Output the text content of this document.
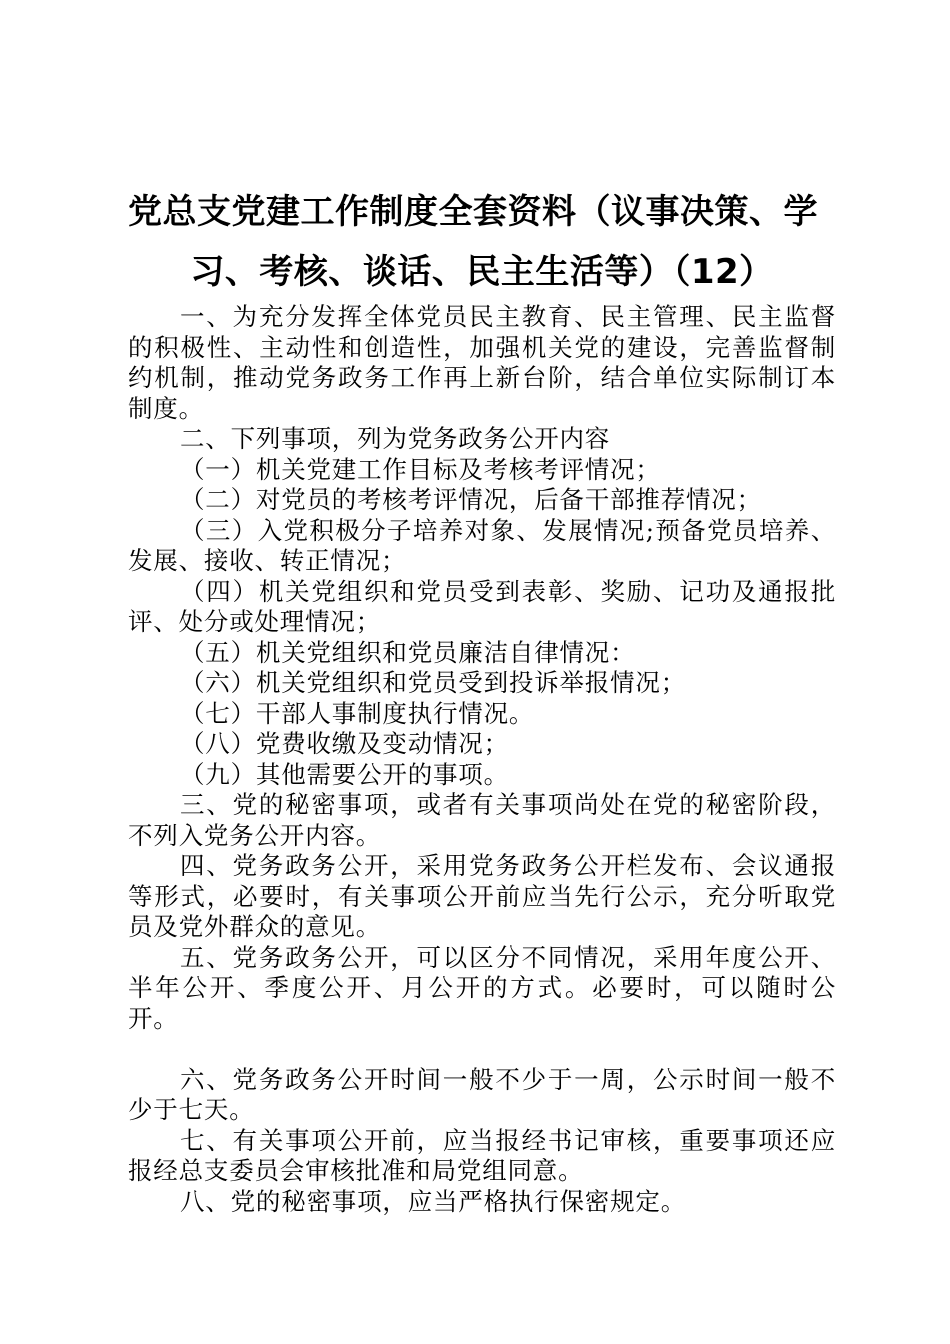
党总支党建工作制度全套资料（议事决策、学
习、考核、谈话、民主生活等）（12）

一、为充分发挥全体党员民主教育、民主管理、民主监督的积极性、主动性和创造性，加强机关党的建设，完善监督制约机制，推动党务政务工作再上新台阶，结合单位实际制订本制度。

二、下列事项，列为党务政务公开内容

（一）机关党建工作目标及考核考评情况；

（二）对党员的考核考评情况，后备干部推荐情况；

（三）入党积极分子培养对象、发展情况;预备党员培养、发展、接收、转正情况；

（四）机关党组织和党员受到表彰、奖励、记功及通报批评、处分或处理情况；

（五）机关党组织和党员廉洁自律情况：

（六）机关党组织和党员受到投诉举报情况；

（七）干部人事制度执行情况。

（八）党费收缴及变动情况；

（九）其他需要公开的事项。

三、党的秘密事项，或者有关事项尚处在党的秘密阶段，不列入党务公开内容。

四、党务政务公开，采用党务政务公开栏发布、会议通报等形式，必要时，有关事项公开前应当先行公示，充分听取党员及党外群众的意见。

五、党务政务公开，可以区分不同情况，采用年度公开、半年公开、季度公开、月公开的方式。必要时，可以随时公开。

六、党务政务公开时间一般不少于一周，公示时间一般不少于七天。

七、有关事项公开前，应当报经书记审核，重要事项还应报经总支委员会审核批准和局党组同意。

八、党的秘密事项，应当严格执行保密规定。
